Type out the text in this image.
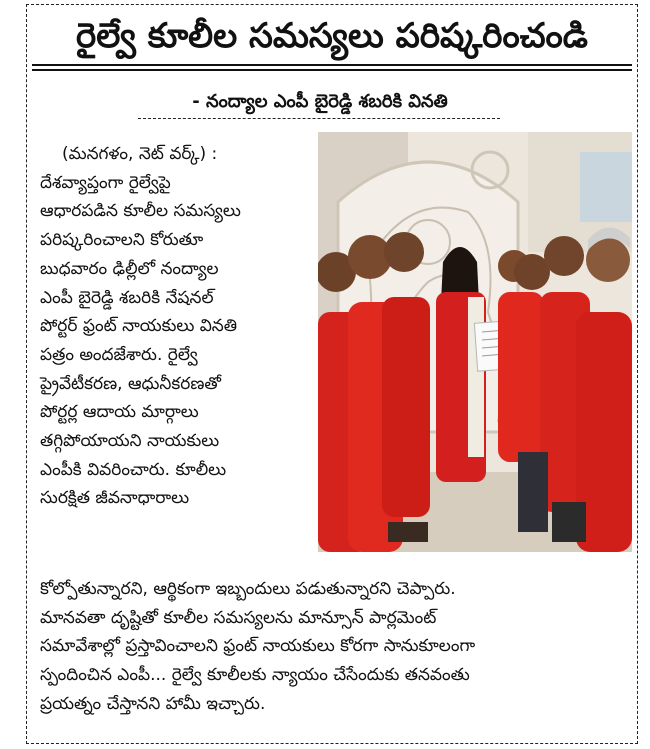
రైల్వే కూలీల సమస్యలు పరిష్కరించండి
- నంద్యాల ఎంపీ బైరెడ్డి శబరికి వినతి

(మనగళం, నెట్ వర్క్) :

దేశవ్యాప్తంగా రైల్వేపై

ఆధారపడిన కూలీల సమస్యలు

పరిష్కరించాలని కోరుతూ

బుధవారం ఢిల్లీలో నంద్యాల

ఎంపీ బైరెడ్డి శబరికి నేషనల్

పోర్టర్ ఫ్రంట్ నాయకులు వినతి

పత్రం అందజేశారు. రైల్వే

ప్రైవేటీకరణ, ఆధునీకరణతో

పోర్టర్ల ఆదాయ మార్గాలు

తగ్గిపోయాయని నాయకులు

ఎంపీకి వివరించారు. కూలీలు

సురక్షిత జీవనాధారాలు

కోల్పోతున్నారని, ఆర్థికంగా ఇబ్బందులు పడుతున్నారని చెప్పారు.

మానవతా దృష్టితో కూలీల సమస్యలను మాన్సూన్ పార్లమెంట్

సమావేశాల్లో ప్రస్తావించాలని ఫ్రంట్ నాయకులు కోరగా సానుకూలంగా

స్పందించిన ఎంపీ... రైల్వే కూలీలకు న్యాయం చేసేందుకు తనవంతు

ప్రయత్నం చేస్తానని హామీ ఇచ్చారు.
